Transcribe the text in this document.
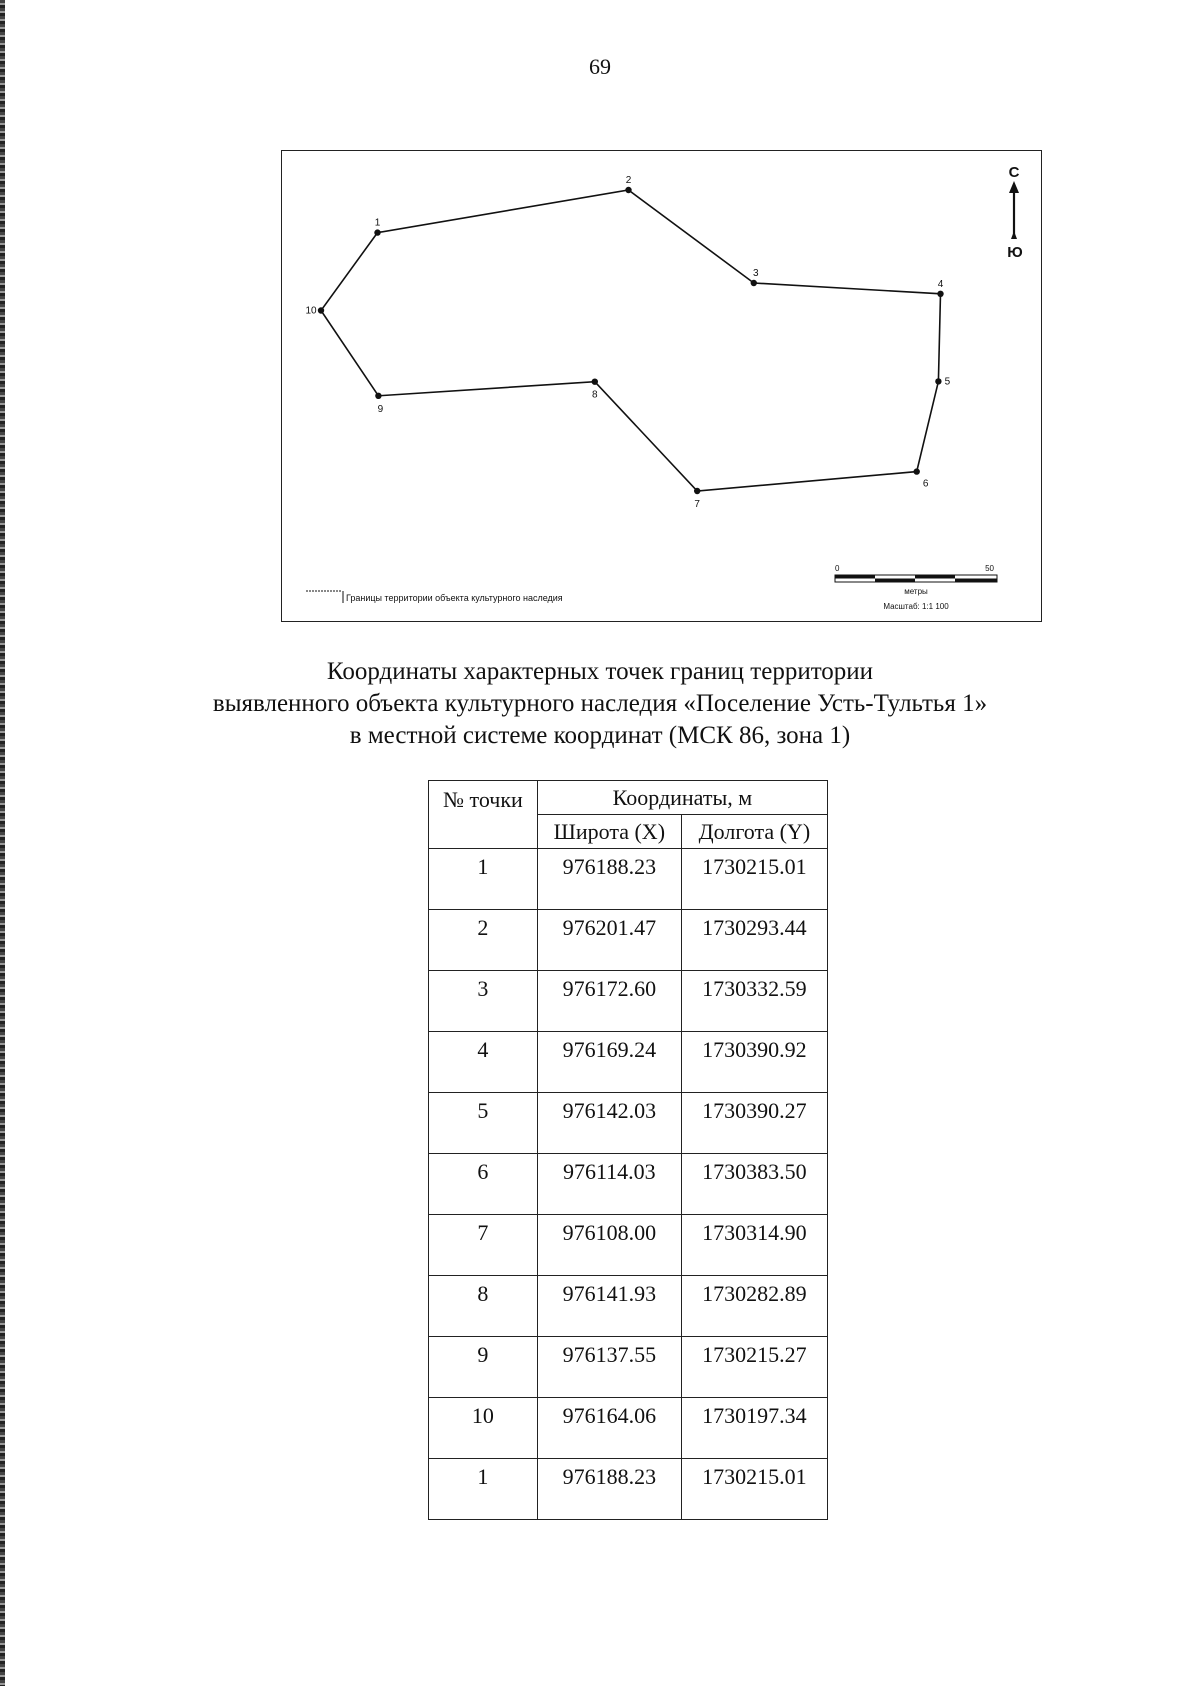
69
1
2
3
4
5
6
7
8
9
10
С
Ю
Границы территории объекта культурного наследия
0	50
метры
Масштаб: 1:1 100
Координаты характерных точек границ территории
выявленного объекта культурного наследия «Поселение Усть-Тультья 1»
в местной системе координат (МСК 86, зона 1)
№ точки	Координаты, м	
	Широта (X)	Долгота (Y)
1	976188.23	1730215.01
2	976201.47	1730293.44
3	976172.60	1730332.59
4	976169.24	1730390.92
5	976142.03	1730390.27
6	976114.03	1730383.50
7	976108.00	1730314.90
8	976141.93	1730282.89
9	976137.55	1730215.27
10	976164.06	1730197.34
1	976188.23	1730215.01
